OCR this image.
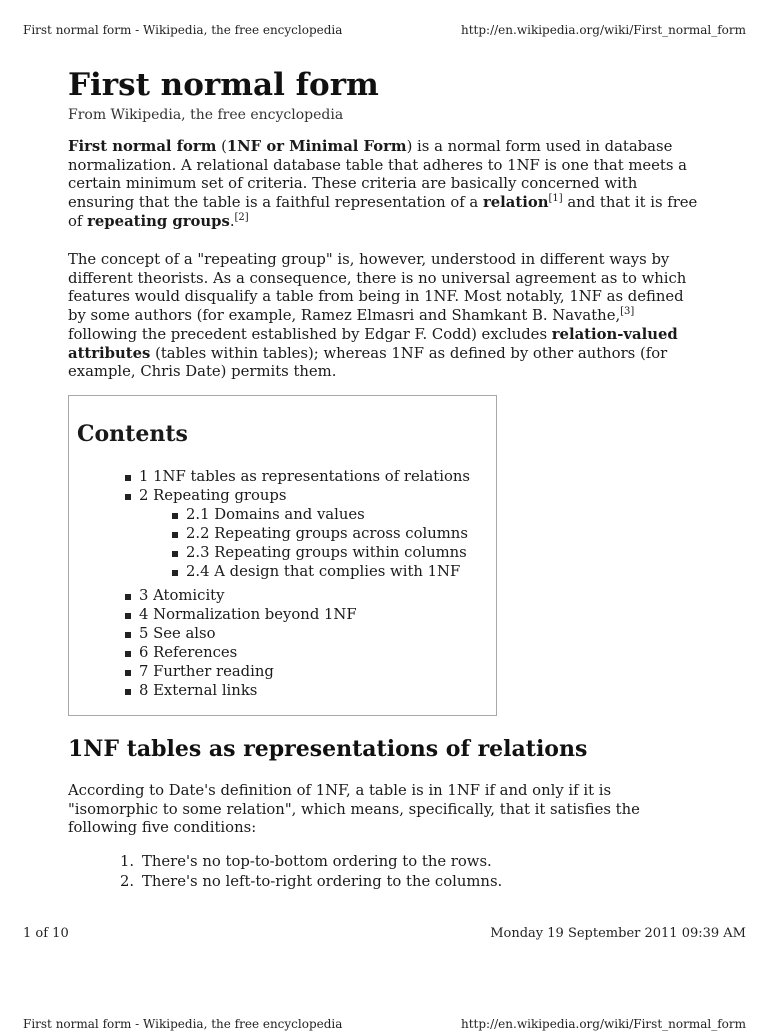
First normal form - Wikipedia, the free encyclopedia	http://en.wikipedia.org/wiki/First_normal_form
First normal form

From Wikipedia, the free encyclopedia

First normal form (1NF or Minimal Form) is a normal form used in database normalization. A relational database table that adheres to 1NF is one that meets a certain minimum set of criteria. These criteria are basically concerned with ensuring that the table is a faithful representation of a relation[1] and that it is free of repeating groups.[2]

The concept of a "repeating group" is, however, understood in different ways by different theorists. As a consequence, there is no universal agreement as to which features would disqualify a table from being in 1NF. Most notably, 1NF as defined by some authors (for example, Ramez Elmasri and Shamkant B. Navathe,[3] following the precedent established by Edgar F. Codd) excludes relation-valued attributes (tables within tables); whereas 1NF as defined by other authors (for example, Chris Date) permits them.

Contents
1 1NF tables as representations of relations
2 Repeating groups
2.1 Domains and values
2.2 Repeating groups across columns
2.3 Repeating groups within columns
2.4 A design that complies with 1NF
3 Atomicity
4 Normalization beyond 1NF
5 See also
6 References
7 Further reading
8 External links
1NF tables as representations of relations

According to Date's definition of 1NF, a table is in 1NF if and only if it is "isomorphic to some relation", which means, specifically, that it satisfies the following five conditions:

1. There's no top-to-bottom ordering to the rows.
2. There's no left-to-right ordering to the columns.
1 of 10	Monday 19 September 2011 09:39 AM
First normal form - Wikipedia, the free encyclopedia	http://en.wikipedia.org/wiki/First_normal_form
